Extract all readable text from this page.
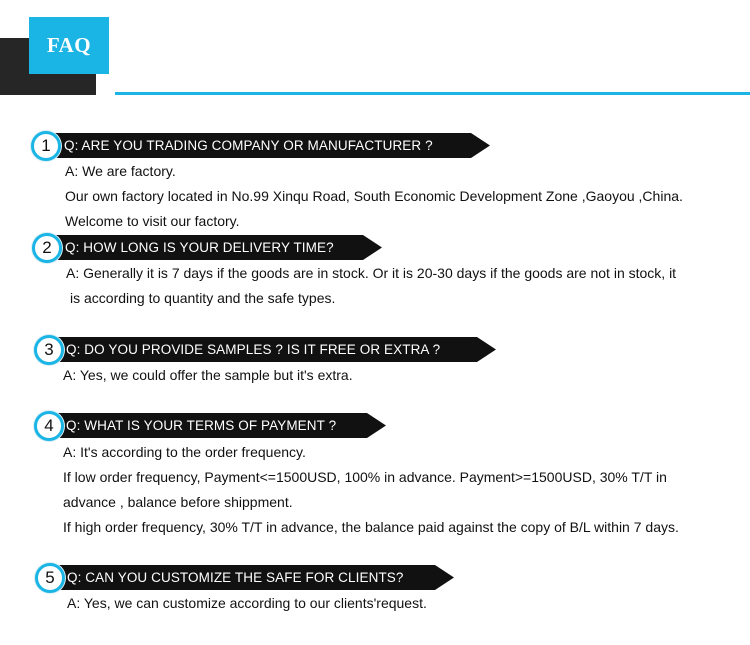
FAQ
Q: ARE YOU TRADING COMPANY OR MANUFACTURER ?
1
A: We are factory.
Our own factory located in No.99 Xinqu Road, South Economic Development Zone ,Gaoyou ,China.
Welcome to visit our factory.
Q: HOW LONG IS YOUR DELIVERY TIME?
2
A: Generally it is 7 days if the goods are in stock. Or it is 20-30 days if the goods are not in stock, it
is according to quantity and the safe types.
Q: DO YOU PROVIDE SAMPLES ? IS IT FREE OR EXTRA ?
3
A: Yes, we could offer the sample but it's extra.
Q: WHAT IS YOUR TERMS OF PAYMENT ?
4
A: It's according to the order frequency.
If low order frequency, Payment<=1500USD, 100% in advance. Payment>=1500USD, 30% T/T in
advance , balance before shippment.
If high order frequency, 30% T/T in advance, the balance paid against the copy of B/L within 7 days.
Q: CAN YOU CUSTOMIZE THE SAFE FOR CLIENTS?
5
A: Yes, we can customize according to our clients'request.
